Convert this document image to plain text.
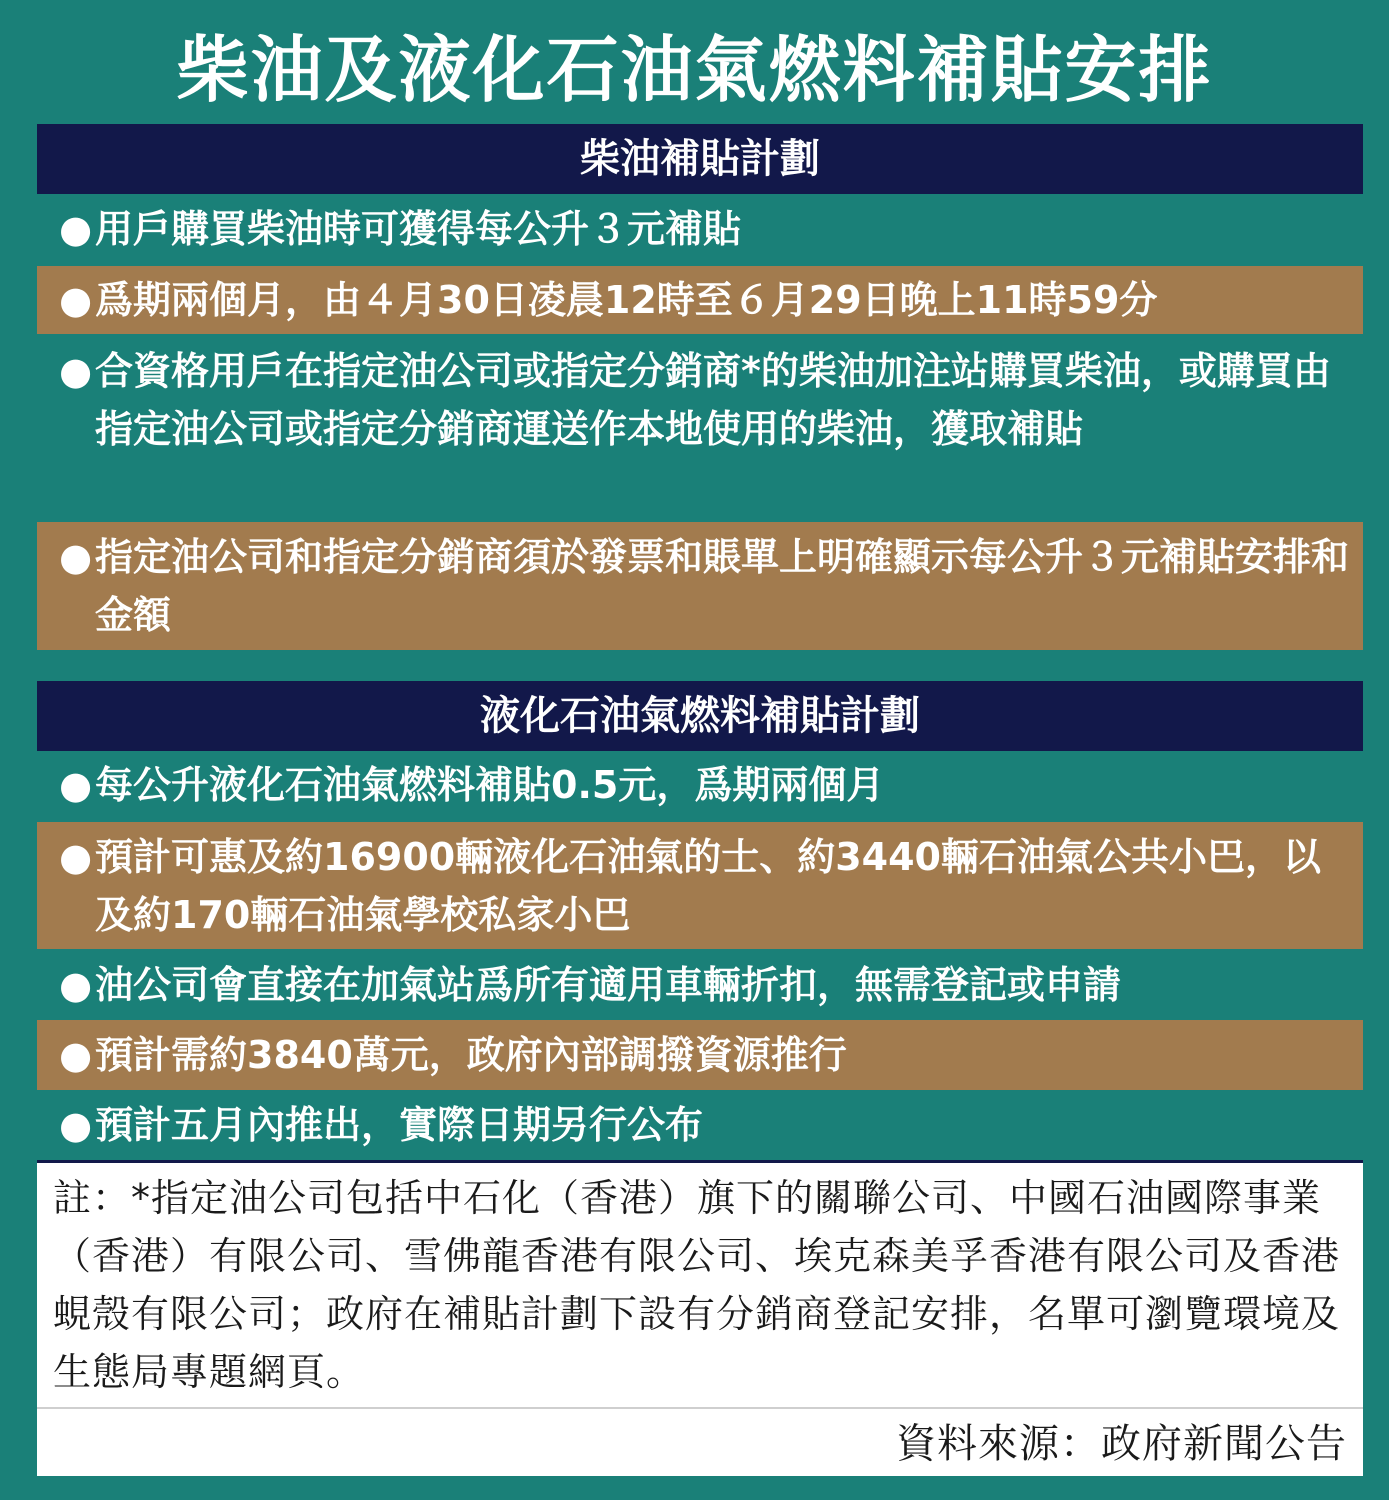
柴油及液化石油氣燃料補貼安排
柴油補貼計劃
● 用戶購買柴油時可獲得每公升３元補貼
● 爲期兩個月，由４月30日凌晨12時至６月29日晚上11時59分
● 合資格用戶在指定油公司或指定分銷商*的柴油加注站購買柴油，或購買由指定油公司或指定分銷商運送作本地使用的柴油，獲取補貼
● 指定油公司和指定分銷商須於發票和賬單上明確顯示每公升３元補貼安排和金額
液化石油氣燃料補貼計劃
● 每公升液化石油氣燃料補貼0.5元，爲期兩個月
● 預計可惠及約16900輛液化石油氣的士、約3440輛石油氣公共小巴，以及約170輛石油氣學校私家小巴
● 油公司會直接在加氣站爲所有適用車輛折扣，無需登記或申請
● 預計需約3840萬元，政府內部調撥資源推行
● 預計五月內推出，實際日期另行公布
註：*指定油公司包括中石化（香港）旗下的關聯公司、中國石油國際事業（香港）有限公司、雪佛龍香港有限公司、埃克森美孚香港有限公司及香港蜆殼有限公司；政府在補貼計劃下設有分銷商登記安排，名單可瀏覽環境及生態局專題網頁。
資料來源：政府新聞公告
